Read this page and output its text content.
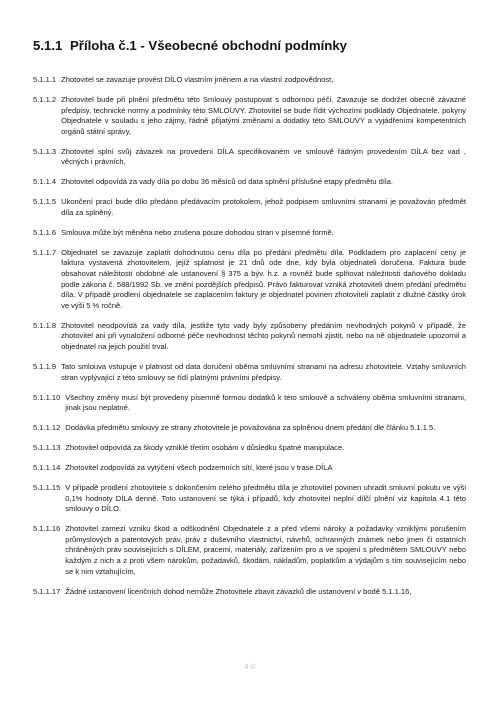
5.1.1 Příloha č.1 - Všeobecné obchodní podmínky
5.1.1.1 Zhotovitel se zavazuje provést DÍLO vlastním jménem a na vlastní zodpovědnost,
5.1.1.2 Zhotovitel bude při plnění předmětu této Smlouvy postupovat s odbornou péčí. Zavazuje se dodržet obecně závazné předpisy, technické normy a podmínky této SMLOUVY. Zhotovitel se bude řídit výchozími podklady Objednatele, pokyny Objednatele v souladu s jeho zájmy, řádně přijatými změnami a dodatky této SMLOUVY a vyjádřeními kompetentních orgánů státní správy,
5.1.1.3 Zhotovitel splní svůj závazek na provedení DÍLA specifikovaném ve smlouvě řádným provedením DÍLA bez vad , věcných i právních,
5.1.1.4 Zhotovitel odpovídá za vady díla po dobu 36 měsíců od data splnění příslušné etapy předmětu díla.
5.1.1.5 Ukončení prací bude dílo předáno předávacím protokolem, jehož podpisem smluvními stranami je považován předmět díla za splněný.
5.1.1.6 Smlouva může být měněna nebo zrušena pouze dohodou stran v písemné formě.
5.1.1.7 Objednatel se zavazuje zaplatit dohodnutou cenu díla po předání předmětu díla. Podkladem pro zaplacení ceny je faktura vystavená zhotovitelem, jejíž splatnost je 21 dnů ode dne, kdy byla objednateli doručena. Faktura bude obsahovat náležitosti obdobné ale ustanovení § 375 a býv. h.z. a rovněž bude splňovat náležitosti daňového dokladu podle zákona č. 588/1992 Sb. ve znění pozdějších předpisů. Právo fakturovat vzniká zhotoviteli dnem předání předmětu díla. V případě prodlení objednatele se zaplacením faktury je objednatel povinen zhotoviteli zaplatit z dlužné částky úrok ve výši 5 % ročně.
5.1.1.8 Zhotovitel neodpovídá za vady díla, jestliže tyto vady byly způsobeny předáním nevhodných pokynů v případě, že zhotovitel ani při vynaložení odborné péče nevhodnost těchto pokynů nemohl zjistit, nebo na ně objednatele upozornil a objednatel na jejich použití trval.
5.1.1.9 Tato smlouva vstupuje v platnost od data doručení oběma smluvními stranami na adresu zhotovitele. Vztahy smluvních stran vyplývající z této smlouvy se řídí platnými právními předpisy.
5.1.1.10 Všechny změny musí být provedeny písemně formou dodatků k této smlouvě a schváleny oběma smluvními stranami, jinak jsou neplatné.
5.1.1.12 Dodávka předmětu smlouvy ze strany zhotovitele je považována za splněnou dnem předání dle článku 5.1.1.5.
5.1.1.13 Zhotovitel odpovídá za škody vzniklé třetím osobám v důsledku špatné manipulace.
5.1.1.14 Zhotovitel zodpovídá za vytýčení všech podzemních sítí, které jsou v trase DÍLA
5.1.1.15 V případě prodlení zhotovitele s dokončením celého předmětu díla je zhotovitel povinen uhradit smluvní pokutu ve výši 0,1% hodnoty DÍLA denně. Toto ustanovení se týká i případů, kdy zhotovitel neplní dílčí plnění viz kapitola 4.1 této smlouvy o DÍLO.
5.1.1.16 Zhotovitel zamezí vzniku škod a odškodnění Objednatele z a před všemi nároky a požadavky vzniklými porušením průmyslových a patentových práv, práv z duševního vlastnictví, návrhů, ochranných známek nebo jmen či ostatních chráněných práv souvisejících s DÍLEM, pracemi, materiály, zařízením pro a ve spojení s předmětem SMLOUVY nebo každým z nich a z proti všem nárokům, požadavků, škodám, nákladům, poplatkům a výdajům s tím souvisejícím nebo se k nim vztahujícím,
5.1.1.17 Žádné ustanovení licenčních dohod nemůže Zhotovitele zbavit závazků dle ustanovení v bodě 5.1.1.16,
4 ©
